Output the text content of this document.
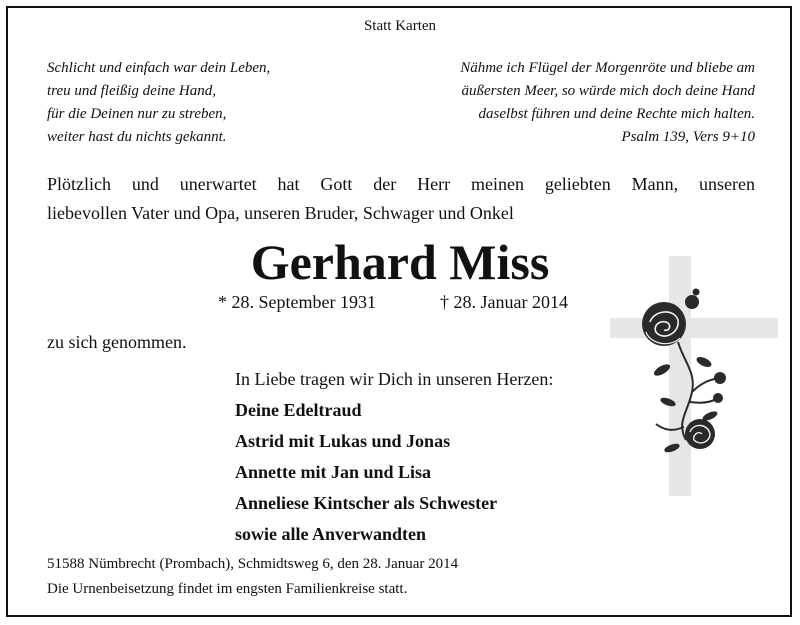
Statt Karten
Schlicht und einfach war dein Leben,
treu und fleißig deine Hand,
für die Deinen nur zu streben,
weiter hast du nichts gekannt.
Nähme ich Flügel der Morgenröte und bliebe am
äußersten Meer, so würde mich doch deine Hand
daselbst führen und deine Rechte mich halten.
Psalm 139, Vers 9+10
Plötzlich und unerwartet hat Gott der Herr meinen geliebten Mann, unseren
liebevollen Vater und Opa, unseren Bruder, Schwager und Onkel
Gerhard Miss
* 28. September 1931	† 28. Januar 2014
zu sich genommen.
In Liebe tragen wir Dich in unseren Herzen:
Deine Edeltraud
Astrid mit Lukas und Jonas
Annette mit Jan und Lisa
Anneliese Kintscher als Schwester
sowie alle Anverwandten
51588 Nümbrecht (Prombach), Schmidtsweg 6, den 28. Januar 2014
Die Urnenbeisetzung findet im engsten Familienkreise statt.
